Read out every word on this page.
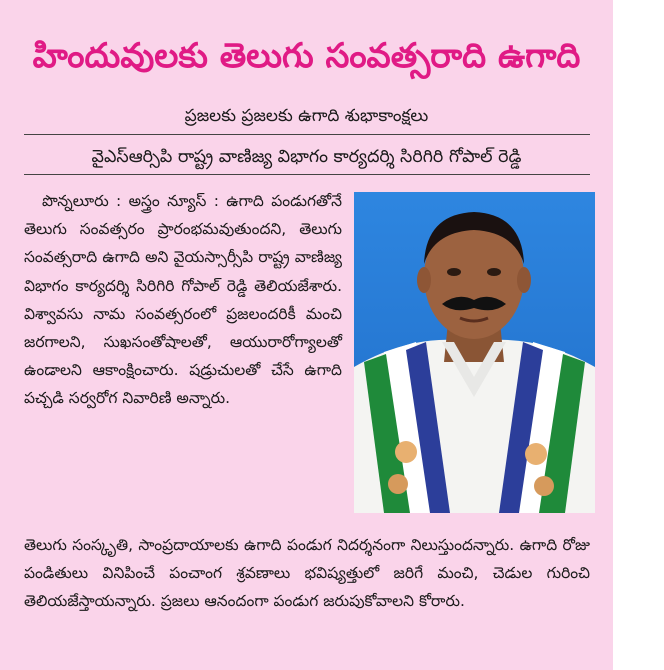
హిందువులకు తెలుగు సంవత్సరాది ఉగాది
ప్రజలకు ప్రజలకు ఉగాది శుభాకాంక్షలు
వైఎస్ఆర్సిపి రాష్ట్ర వాణిజ్య విభాగం కార్యదర్శి సిరిగిరి గోపాల్ రెడ్డి

పొన్నలూరు : అస్త్రం న్యూస్ : ఉగాది పండుగతోనే తెలుగు సంవత్సరం ప్రారంభమవుతుందని, తెలుగు సంవత్సరాది ఉగాది అని వైయస్సార్సీపి రాష్ట్ర వాణిజ్య విభాగం కార్యదర్శి సిరిగిరి గోపాల్ రెడ్డి తెలియజేశారు. విశ్వావసు నామ సంవత్సరంలో ప్రజలందరికీ మంచి జరగాలని, సుఖసంతోషాలతో, ఆయురారోగ్యాలతో ఉండాలని ఆకాంక్షించారు. షడ్రుచులతో చేసే ఉగాది పచ్చడి సర్వరోగ నివారిణి అన్నారు.

తెలుగు సంస్కృతి, సాంప్రదాయాలకు ఉగాది పండుగ నిదర్శనంగా నిలుస్తుందన్నారు. ఉగాది రోజు పండితులు వినిపించే పంచాంగ శ్రవణాలు భవిష్యత్తులో జరిగే మంచి, చెడుల గురించి తెలియజేస్తాయన్నారు. ప్రజలు ఆనందంగా పండుగ జరుపుకోవాలని కోరారు.
